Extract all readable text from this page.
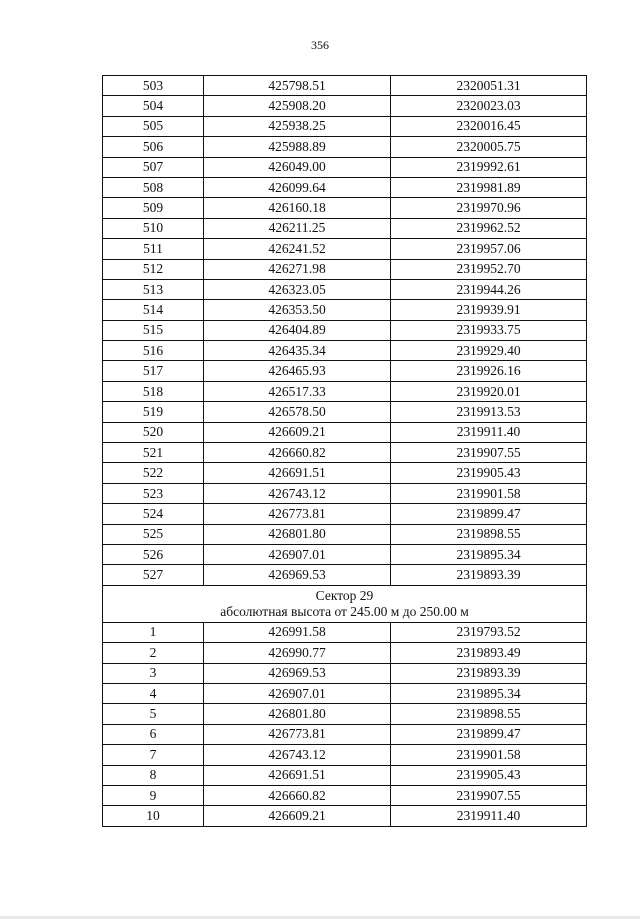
356
503	425798.51	2320051.31
504	425908.20	2320023.03
505	425938.25	2320016.45
506	425988.89	2320005.75
507	426049.00	2319992.61
508	426099.64	2319981.89
509	426160.18	2319970.96
510	426211.25	2319962.52
511	426241.52	2319957.06
512	426271.98	2319952.70
513	426323.05	2319944.26
514	426353.50	2319939.91
515	426404.89	2319933.75
516	426435.34	2319929.40
517	426465.93	2319926.16
518	426517.33	2319920.01
519	426578.50	2319913.53
520	426609.21	2319911.40
521	426660.82	2319907.55
522	426691.51	2319905.43
523	426743.12	2319901.58
524	426773.81	2319899.47
525	426801.80	2319898.55
526	426907.01	2319895.34
527	426969.53	2319893.39

Сектор 29
абсолютная высота от 245.00 м до 250.00 м		

1	426991.58	2319793.52
2	426990.77	2319893.49
3	426969.53	2319893.39
4	426907.01	2319895.34
5	426801.80	2319898.55
6	426773.81	2319899.47
7	426743.12	2319901.58
8	426691.51	2319905.43
9	426660.82	2319907.55
10	426609.21	2319911.40
